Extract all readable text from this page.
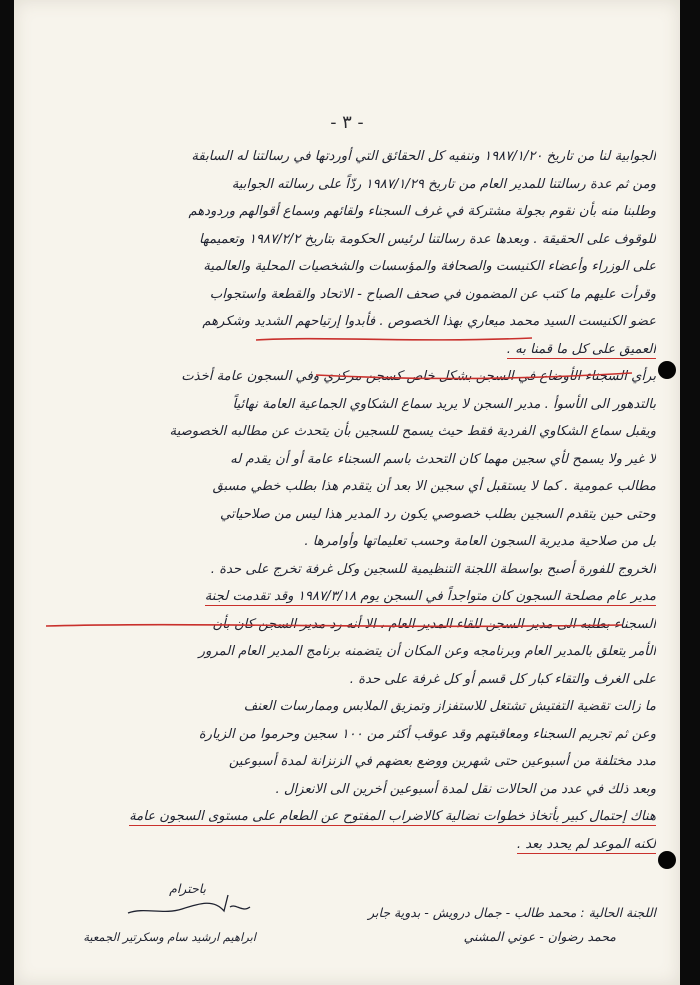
- ٣ -
الجوابية لنا من تاريخ ١٩٨٧/١/٢٠ وننفيه كل الحقائق التي أوردتها في رسالتنا له السابقة
ومن ثم عدة رسالتنا للمدير العام من تاريخ ١٩٨٧/١/٢٩ ردّاً على رسالته الجوابية
وطلبنا منه بأن نقوم بجولة مشتركة في غرف السجناء ولقائهم وسماع أقوالهم وردودهم
للوقوف على الحقيقة . وبعدها عدة رسالتنا لرئيس الحكومة بتاريخ ١٩٨٧/٢/٢ وتعميمها
على الوزراء وأعضاء الكنيست والصحافة والمؤسسات والشخصيات المحلية والعالمية
وقرأت عليهم ما كتب عن المضمون في صحف الصباح - الاتحاد والقطعة واستجواب
عضو الكنيست السيد محمد ميعاري بهذا الخصوص . فأبدوا إرتياحهم الشديد وشكرهم
العميق على كل ما قمنا به .
برأي السجناء الأوضاع في السجن بشكل خاص كسجن مركزي وفي السجون عامة أخذت
بالتدهور الى الأسوأ . مدير السجن لا يريد سماع الشكاوي الجماعية العامة نهائياً
ويقبل سماع الشكاوي الفردية فقط حيث يسمح للسجين بأن يتحدث عن مطالبه الخصوصية
لا غير ولا يسمح لأي سجين مهما كان التحدث باسم السجناء عامة أو أن يقدم له
مطالب عمومية . كما لا يستقبل أي سجين الا بعد أن يتقدم هذا بطلب خطي مسبق
وحتى حين يتقدم السجين بطلب خصوصي يكون رد المدير هذا ليس من صلاحياتي
بل من صلاحية مديرية السجون العامة وحسب تعليماتها وأوامرها .
الخروج للفورة أصبح بواسطة اللجنة التنظيمية للسجين وكل غرفة تخرج على حدة .
مدير عام مصلحة السجون كان متواجداً في السجن يوم ١٩٨٧/٣/١٨ وقد تقدمت لجنة
السجناء بطلبه الى مدير السجن للقاء المدير العام ، الا أنه رد مدير السجن كان بأن
الأمر يتعلق بالمدير العام وبرنامجه وعن المكان أن يتضمنه برنامج المدير العام المرور
على الغرف والتقاء كبار كل قسم أو كل غرفة على حدة .
ما زالت تقضية التفتيش تشتغل للاستفزاز وتمزيق الملابس وممارسات العنف
وعن ثم تجريم السجناء ومعاقبتهم وقد عوقب أكثر من ١٠٠ سجين وحرموا من الزيارة
مدد مختلفة من أسبوعين حتى شهرين ووضع بعضهم في الزنزانة لمدة أسبوعين
وبعد ذلك في عدد من الحالات نقل لمدة أسبوعين أخرين الى الانعزال .
هناك إحتمال كبير بأتخاذ خطوات نضالية كالاضراب المفتوح عن الطعام على مستوى السجون عامة
لكنه الموعد لم يحدد بعد .
باحترام
اللجنة الحالية : محمد طالب - جمال درويش - بدوية جابر
ابراهيم ارشيد سام وسكرتير الجمعية	محمد رضوان - عوني المشني
